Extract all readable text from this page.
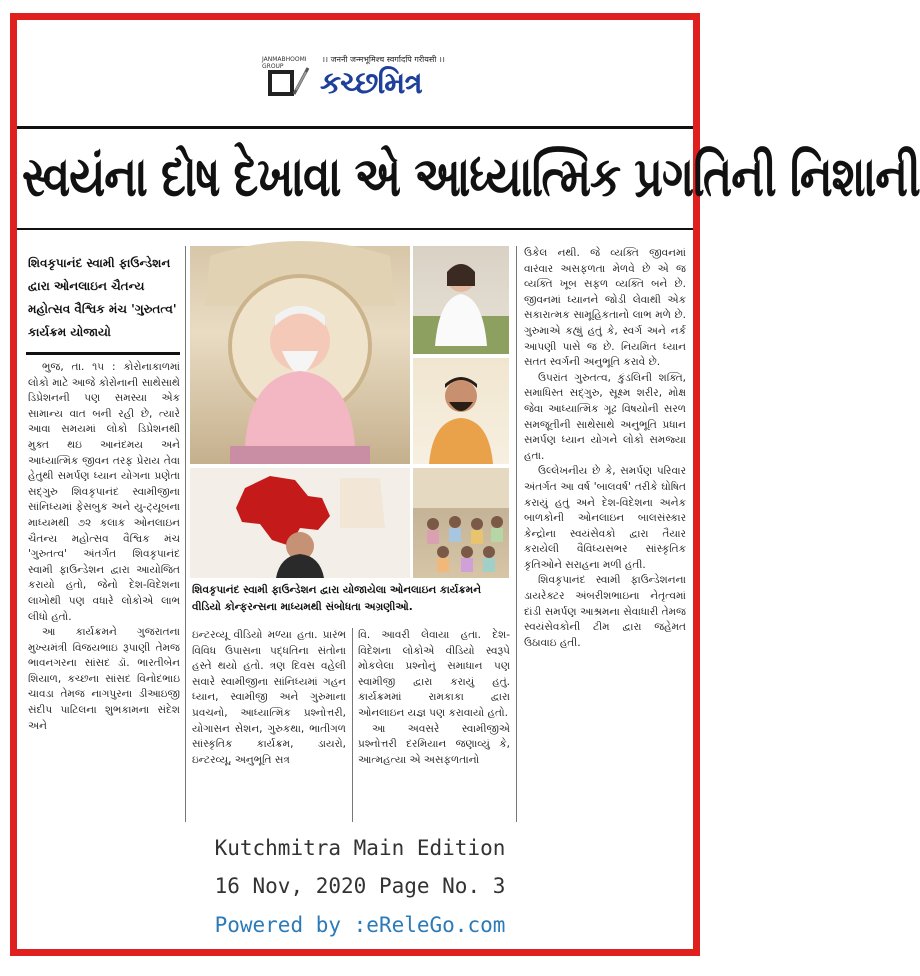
JANMABHOOMI GROUP
।। जननी जन्मभूमिश्च स्वर्गादपि गरीयसी ।।
કચ્છમિત્ર
સ્વયંના દોષ દેખાવા એ આધ્યાત્મિક પ્રગતિની નિશાની
શિવકૃપાનંદ સ્વામી ફાઉન્ડેશન દ્વારા ઓનલાઇન ચૈતન્ય મહોત્સવ વૈશ્વિક મંચ 'ગુરુતત્વ' કાર્યક્રમ યોજાયો

ભુજ, તા. ૧૫ : કોરોનાકાળમાં લોકો માટે આજે કોરોનાની સાથેસાથે ડિપ્રેશનની પણ સમસ્યા એક સામાન્ય વાત બની રહી છે, ત્યારે આવા સમયમાં લોકો ડિપ્રેશનથી મુક્ત થઇ આનંદમય અને આધ્યાત્મિક જીવન તરફ પ્રેરાય તેવા હેતુથી સમર્પણ ધ્યાન યોગના પ્રણેતા સદ્ગુરુ શિવકૃપાનંદ સ્વામીજીના સાંનિધ્યમાં ફેસબુક અને યુ-ટ્યૂબના માધ્યમથી ૭૨ કલાક ઓનલાઇન ચૈતન્ય મહોત્સવ વૈશ્વિક મંચ 'ગુરુતત્વ' અંતર્ગત શિવકૃપાનંદ સ્વામી ફાઉન્ડેશન દ્વારા આયોજિત કરાયો હતો, જેનો દેશ-વિદેશના લાખોથી પણ વધારે લોકોએ લાભ લીધો હતો.

આ કાર્યક્રમને ગુજરાતના મુખ્યમંત્રી વિજયભાઇ રૂપાણી તેમજ ભાવનગરના સાંસદ ડૉ. ભારતીબેન શિયાળ, કચ્છના સાંસદ વિનોદભાઇ ચાવડા તેમજ નાગપુરના ડીઆઇજી સંદીપ પાટિલના શુભકામના સંદેશ અને

શિવકૃપાનંદ સ્વામી ફાઉન્ડેશન દ્વારા યોજાયેલા ઓનલાઇન કાર્યક્રમને વીડિયો કોન્ફરન્સના માધ્યમથી સંબોધતા અગ્રણીઓ.

ઇન્ટરવ્યૂ વીડિયો મળ્યા હતા. પ્રારંભ વિવિધ ઉપાસના પદ્ધતિના સંતોના હસ્તે થયો હતો. ત્રણ દિવસ વહેલી સવારે સ્વામીજીના સાંનિધ્યમાં ગહન ધ્યાન, સ્વામીજી અને ગુરુમાના પ્રવચનો, આધ્યાત્મિક પ્રશ્નોત્તરી, યોગાસન સેશન, ગુરુકથા, ભાતીગળ સાંસ્કૃતિક કાર્યક્રમ, ડાયરો, ઇન્ટરવ્યૂ, અનુભૂતિ સત્ર

વિ. આવરી લેવાયા હતા. દેશ-વિદેશના લોકોએ વીડિયો સ્વરૂપે મોકલેલા પ્રશ્નોનું સમાધાન પણ સ્વામીજી દ્વારા કરાયું હતું. કાર્યક્રમમાં રામકાકા દ્વારા ઓનલાઇન યજ્ઞ પણ કરાવાયો હતો.

આ અવસરે સ્વામીજીએ પ્રશ્નોત્તરી દરમિયાન જણાવ્યું કે, આત્મહત્યા એ અસફળતાનો

ઉકેલ નથી. જે વ્યક્તિ જીવનમાં વારંવાર અસફળતા મેળવે છે એ જ વ્યક્તિ ખૂબ સફળ વ્યક્તિ બને છે. જીવનમાં ધ્યાનને જોડી લેવાથી એક સકારાત્મક સામૂહિકતાનો લાભ મળે છે. ગુરુમાએ કહ્યું હતું કે, સ્વર્ગ અને નર્ક આપણી પાસે જ છે. નિયમિત ધ્યાન સતત સ્વર્ગની અનુભૂતિ કરાવે છે.

ઉપરાંત ગુરુતત્વ, કુંડલિની શક્તિ, સમાધિસ્ત સદ્ગુરુ, સૂક્ષ્મ શરીર, મોક્ષ જેવા આધ્યાત્મિક ગૂઢ વિષયોની સરળ સમજૂતીની સાથેસાથે અનુભૂતિ પ્રધાન સમર્પણ ધ્યાન યોગને લોકો સમજ્યા હતા.

ઉલ્લેખનીય છે કે, સમર્પણ પરિવાર અંતર્ગત આ વર્ષ 'બાલવર્ષ' તરીકે ઘોષિત કરાયું હતું અને દેશ-વિદેશના અનેક બાળકોની ઓનલાઇન બાલસંસ્કાર કેન્દ્રોના સ્વયંસેવકો દ્વારા તૈયાર કરાયેલી વૈવિધ્યસભર સાંસ્કૃતિક કૃતિઓને સરાહના મળી હતી.

શિવકૃપાનંદ સ્વામી ફાઉન્ડેશનના ડાયરેક્ટર અંબરીશભાઇના નેતૃત્વમાં દાંડી સમર્પણ આશ્રમના સેવાધારી તેમજ સ્વયંસેવકોની ટીમ દ્વારા જહેમત ઉઠાવાઇ હતી.

Kutchmitra Main Edition
16 Nov, 2020 Page No. 3
Powered by :eReleGo.com
